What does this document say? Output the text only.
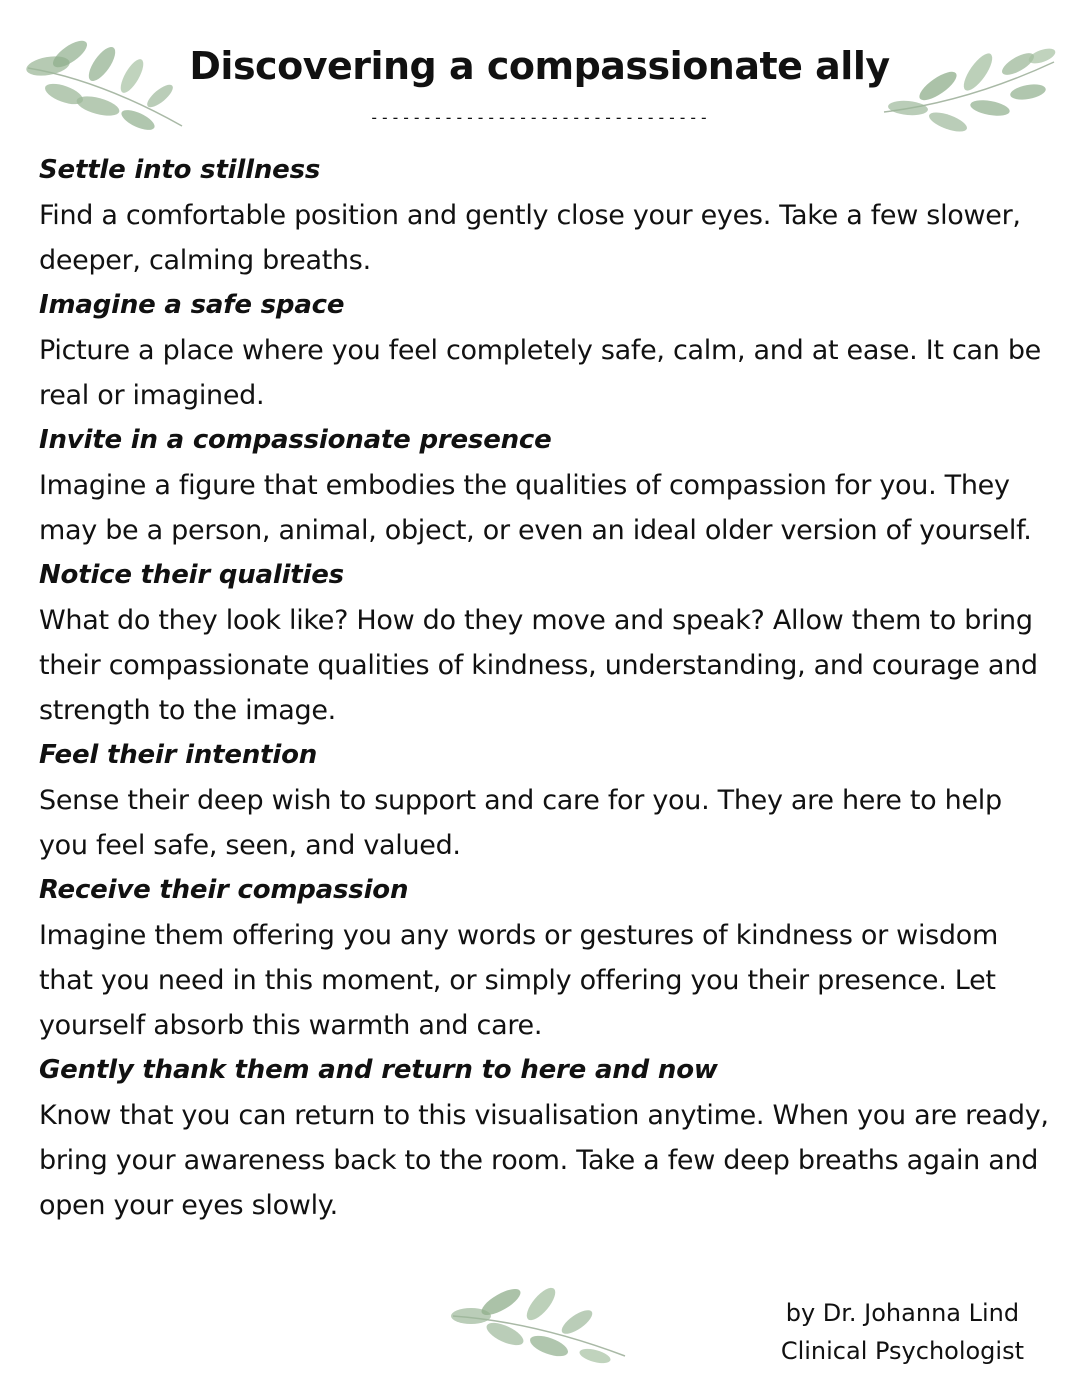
Discovering a compassionate ally
--------------------------------

Settle into stillness

Find a comfortable position and gently close your eyes. Take a few slower, deeper, calming breaths.

Imagine a safe space

Picture a place where you feel completely safe, calm, and at ease. It can be real or imagined.

Invite in a compassionate presence

Imagine a figure that embodies the qualities of compassion for you. They may be a person, animal, object, or even an ideal older version of yourself.

Notice their qualities

What do they look like? How do they move and speak? Allow them to bring their compassionate qualities of kindness, understanding, and courage and strength to the image.

Feel their intention

Sense their deep wish to support and care for you. They are here to help you feel safe, seen, and valued.

Receive their compassion

Imagine them offering you any words or gestures of kindness or wisdom that you need in this moment, or simply offering you their presence. Let yourself absorb this warmth and care.

Gently thank them and return to here and now

Know that you can return to this visualisation anytime. When you are ready, bring your awareness back to the room. Take a few deep breaths again and open your eyes slowly.

by Dr. Johanna Lind
Clinical Psychologist
